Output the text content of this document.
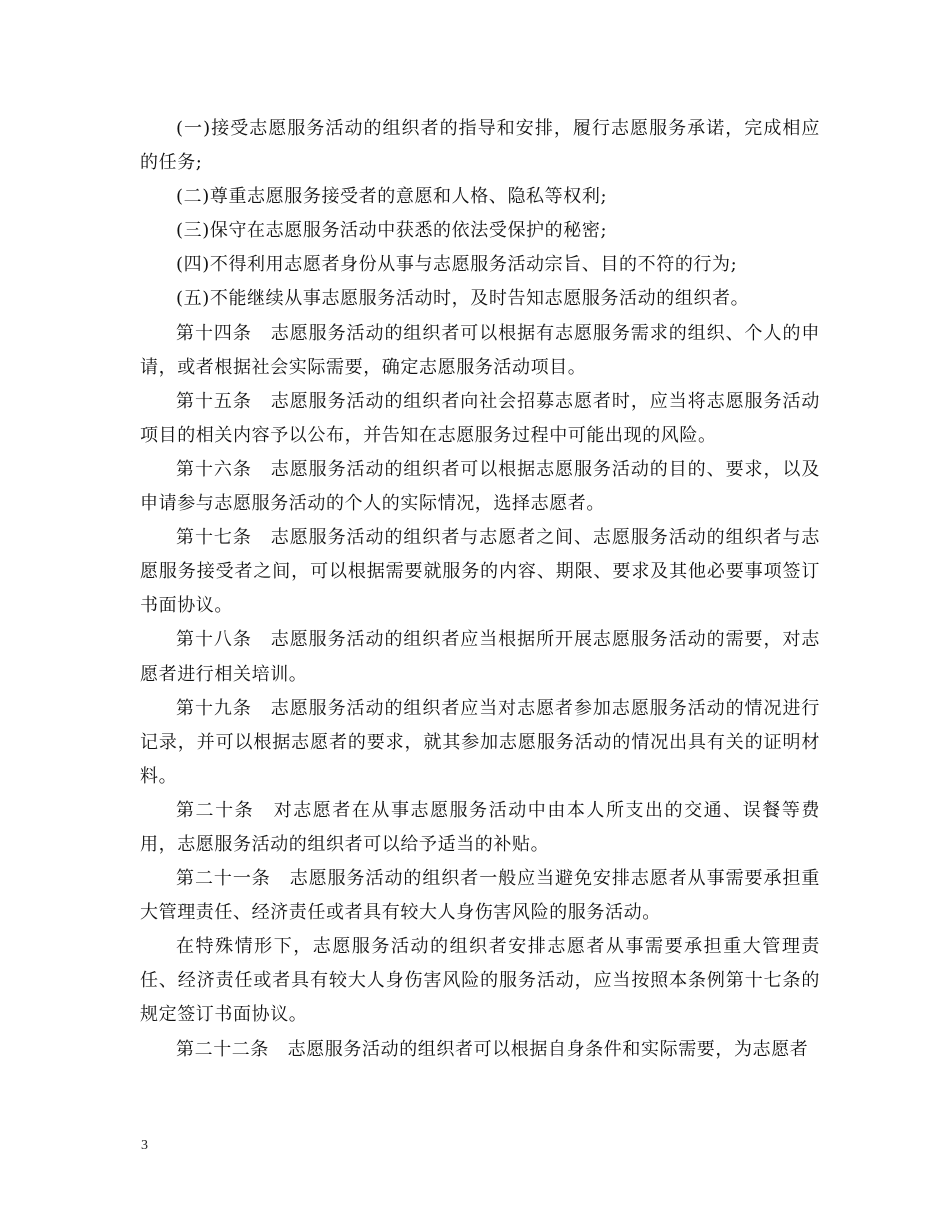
(一)接受志愿服务活动的组织者的指导和安排，履行志愿服务承诺，完成相应的任务;

(二)尊重志愿服务接受者的意愿和人格、隐私等权利;

(三)保守在志愿服务活动中获悉的依法受保护的秘密;

(四)不得利用志愿者身份从事与志愿服务活动宗旨、目的不符的行为;

(五)不能继续从事志愿服务活动时，及时告知志愿服务活动的组织者。

第十四条　志愿服务活动的组织者可以根据有志愿服务需求的组织、个人的申请，或者根据社会实际需要，确定志愿服务活动项目。

第十五条　志愿服务活动的组织者向社会招募志愿者时，应当将志愿服务活动项目的相关内容予以公布，并告知在志愿服务过程中可能出现的风险。

第十六条　志愿服务活动的组织者可以根据志愿服务活动的目的、要求，以及申请参与志愿服务活动的个人的实际情况，选择志愿者。

第十七条　志愿服务活动的组织者与志愿者之间、志愿服务活动的组织者与志愿服务接受者之间，可以根据需要就服务的内容、期限、要求及其他必要事项签订书面协议。

第十八条　志愿服务活动的组织者应当根据所开展志愿服务活动的需要，对志愿者进行相关培训。

第十九条　志愿服务活动的组织者应当对志愿者参加志愿服务活动的情况进行记录，并可以根据志愿者的要求，就其参加志愿服务活动的情况出具有关的证明材料。

第二十条　对志愿者在从事志愿服务活动中由本人所支出的交通、误餐等费用，志愿服务活动的组织者可以给予适当的补贴。

第二十一条　志愿服务活动的组织者一般应当避免安排志愿者从事需要承担重大管理责任、经济责任或者具有较大人身伤害风险的服务活动。

在特殊情形下，志愿服务活动的组织者安排志愿者从事需要承担重大管理责任、经济责任或者具有较大人身伤害风险的服务活动，应当按照本条例第十七条的规定签订书面协议。

第二十二条　志愿服务活动的组织者可以根据自身条件和实际需要，为志愿者

3
